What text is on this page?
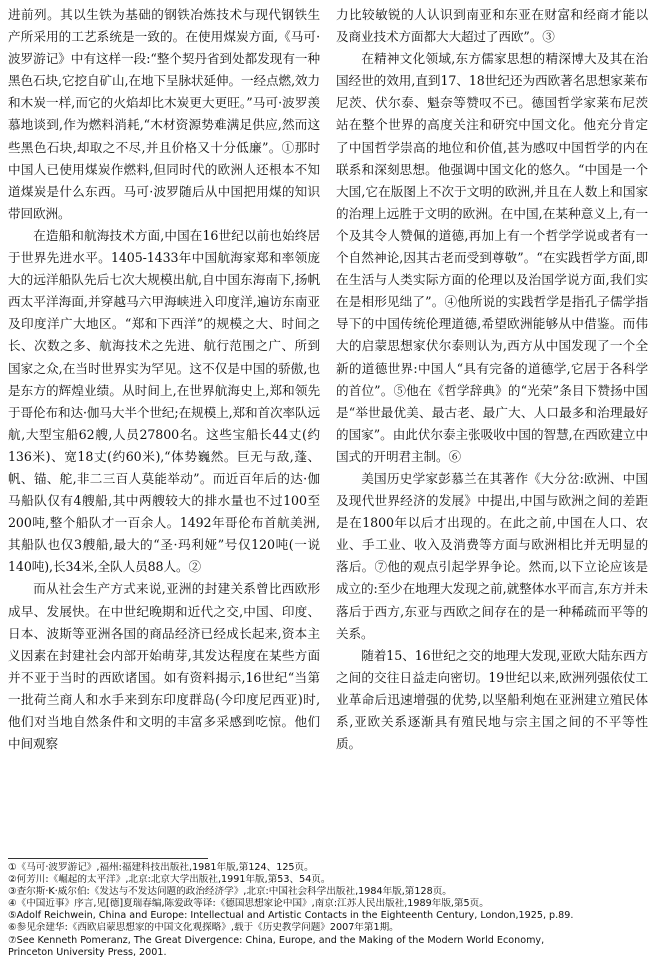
进前列。其以生铁为基础的钢铁冶炼技术与现代钢铁生产所采用的工艺系统是一致的。在使用煤炭方面,《马可·波罗游记》中有这样一段:“整个契丹省到处都发现有一种黑色石块,它挖自矿山,在地下呈脉状延伸。一经点燃,效力和木炭一样,而它的火焰却比木炭更大更旺。”马可·波罗羡慕地谈到,作为燃料消耗,“木材资源势难满足供应,然而这些黑色石块,却取之不尽,并且价格又十分低廉”。①那时中国人已使用煤炭作燃料,但同时代的欧洲人还根本不知道煤炭是什么东西。马可·波罗随后从中国把用煤的知识带回欧洲。

在造船和航海技术方面,中国在16世纪以前也始终居于世界先进水平。1405-1433年中国航海家郑和率领庞大的远洋船队先后七次大规模出航,自中国东海南下,扬帆西太平洋海面,并穿越马六甲海峡进入印度洋,遍访东南亚及印度洋广大地区。“郑和下西洋”的规模之大、时间之长、次数之多、航海技术之先进、航行范围之广、所到国家之众,在当时世界实为罕见。这不仅是中国的骄傲,也是东方的辉煌业绩。从时间上,在世界航海史上,郑和领先于哥伦布和达·伽马大半个世纪;在规模上,郑和首次率队远航,大型宝船62艘,人员27800名。这些宝船长44丈(约136米)、宽18丈(约60米),“体势巍然。巨无与敌,蓬、帆、锚、舵,非二三百人莫能举动”。而近百年后的达·伽马船队仅有4艘船,其中两艘较大的排水量也不过100至200吨,整个船队才一百余人。1492年哥伦布首航美洲,其船队也仅3艘船,最大的“圣·玛利娅”号仅120吨(一说140吨),长34米,全队人员88人。②

而从社会生产方式来说,亚洲的封建关系曾比西欧形成早、发展快。在中世纪晚期和近代之交,中国、印度、日本、波斯等亚洲各国的商品经济已经成长起来,资本主义因素在封建社会内部开始萌芽,其发达程度在某些方面并不亚于当时的西欧诸国。如有资料揭示,16世纪“当第一批荷兰商人和水手来到东印度群岛(今印度尼西亚)时,他们对当地自然条件和文明的丰富多采感到吃惊。他们中间观察

力比较敏锐的人认识到南亚和东亚在财富和经商才能以及商业技术方面都大大超过了西欧”。③

在精神文化领域,东方儒家思想的精深博大及其在治国经世的效用,直到17、18世纪还为西欧著名思想家莱布尼茨、伏尔泰、魁奈等赞叹不已。德国哲学家莱布尼茨站在整个世界的高度关注和研究中国文化。他充分肯定了中国哲学崇高的地位和价值,甚为感叹中国哲学的内在联系和深刻思想。他强调中国文化的悠久。“中国是一个大国,它在版图上不次于文明的欧洲,并且在人数上和国家的治理上远胜于文明的欧洲。在中国,在某种意义上,有一个及其令人赞佩的道德,再加上有一个哲学学说或者有一个自然神论,因其古老而受到尊敬”。“在实践哲学方面,即在生活与人类实际方面的伦理以及治国学说方面,我们实在是相形见绌了”。④他所说的实践哲学是指孔子儒学指导下的中国传统伦理道德,希望欧洲能够从中借鉴。而伟大的启蒙思想家伏尔泰则认为,西方从中国发现了一个全新的道德世界:中国人“具有完备的道德学,它居于各科学的首位”。⑤他在《哲学辞典》的“光荣”条目下赞扬中国是“举世最优美、最古老、最广大、人口最多和治理最好的国家”。由此伏尔泰主张吸收中国的智慧,在西欧建立中国式的开明君主制。⑥

美国历史学家彭慕兰在其著作《大分岔:欧洲、中国及现代世界经济的发展》中提出,中国与欧洲之间的差距是在1800年以后才出现的。在此之前,中国在人口、农业、手工业、收入及消费等方面与欧洲相比并无明显的落后。⑦他的观点引起学界争论。然而,以下立论应该是成立的:至少在地理大发现之前,就整体水平而言,东方并未落后于西方,东亚与西欧之间存在的是一种稀疏而平等的关系。

随着15、16世纪之交的地理大发现,亚欧大陆东西方之间的交往日益走向密切。19世纪以来,欧洲列强依仗工业革命后迅速增强的优势,以坚船利炮在亚洲建立殖民体系,亚欧关系逐渐具有殖民地与宗主国之间的不平等性质。

①《马可·波罗游记》,福州:福建科技出版社,1981年版,第124、125页。
②何芳川:《崛起的太平洋》,北京:北京大学出版社,1991年版,第53、54页。
③查尔斯·K·威尔伯:《发达与不发达问题的政治经济学》,北京:中国社会科学出版社,1984年版,第128页。
④《中国近事》序言,见[德]夏瑞春编,陈爱政等译:《德国思想家论中国》,南京:江苏人民出版社,1989年版,第5页。
⑤Adolf Reichwein, China and Europe: Intellectual and Artistic Contacts in the Eighteenth Century, London,1925, p.89.
⑥参见余建华:《西欧启蒙思想家的中国文化观探略》,载于《历史教学问题》2007年第1期。
⑦See Kenneth Pomeranz, The Great Divergence: China, Europe, and the Making of the Modern World Economy,
Princeton University Press, 2001.
